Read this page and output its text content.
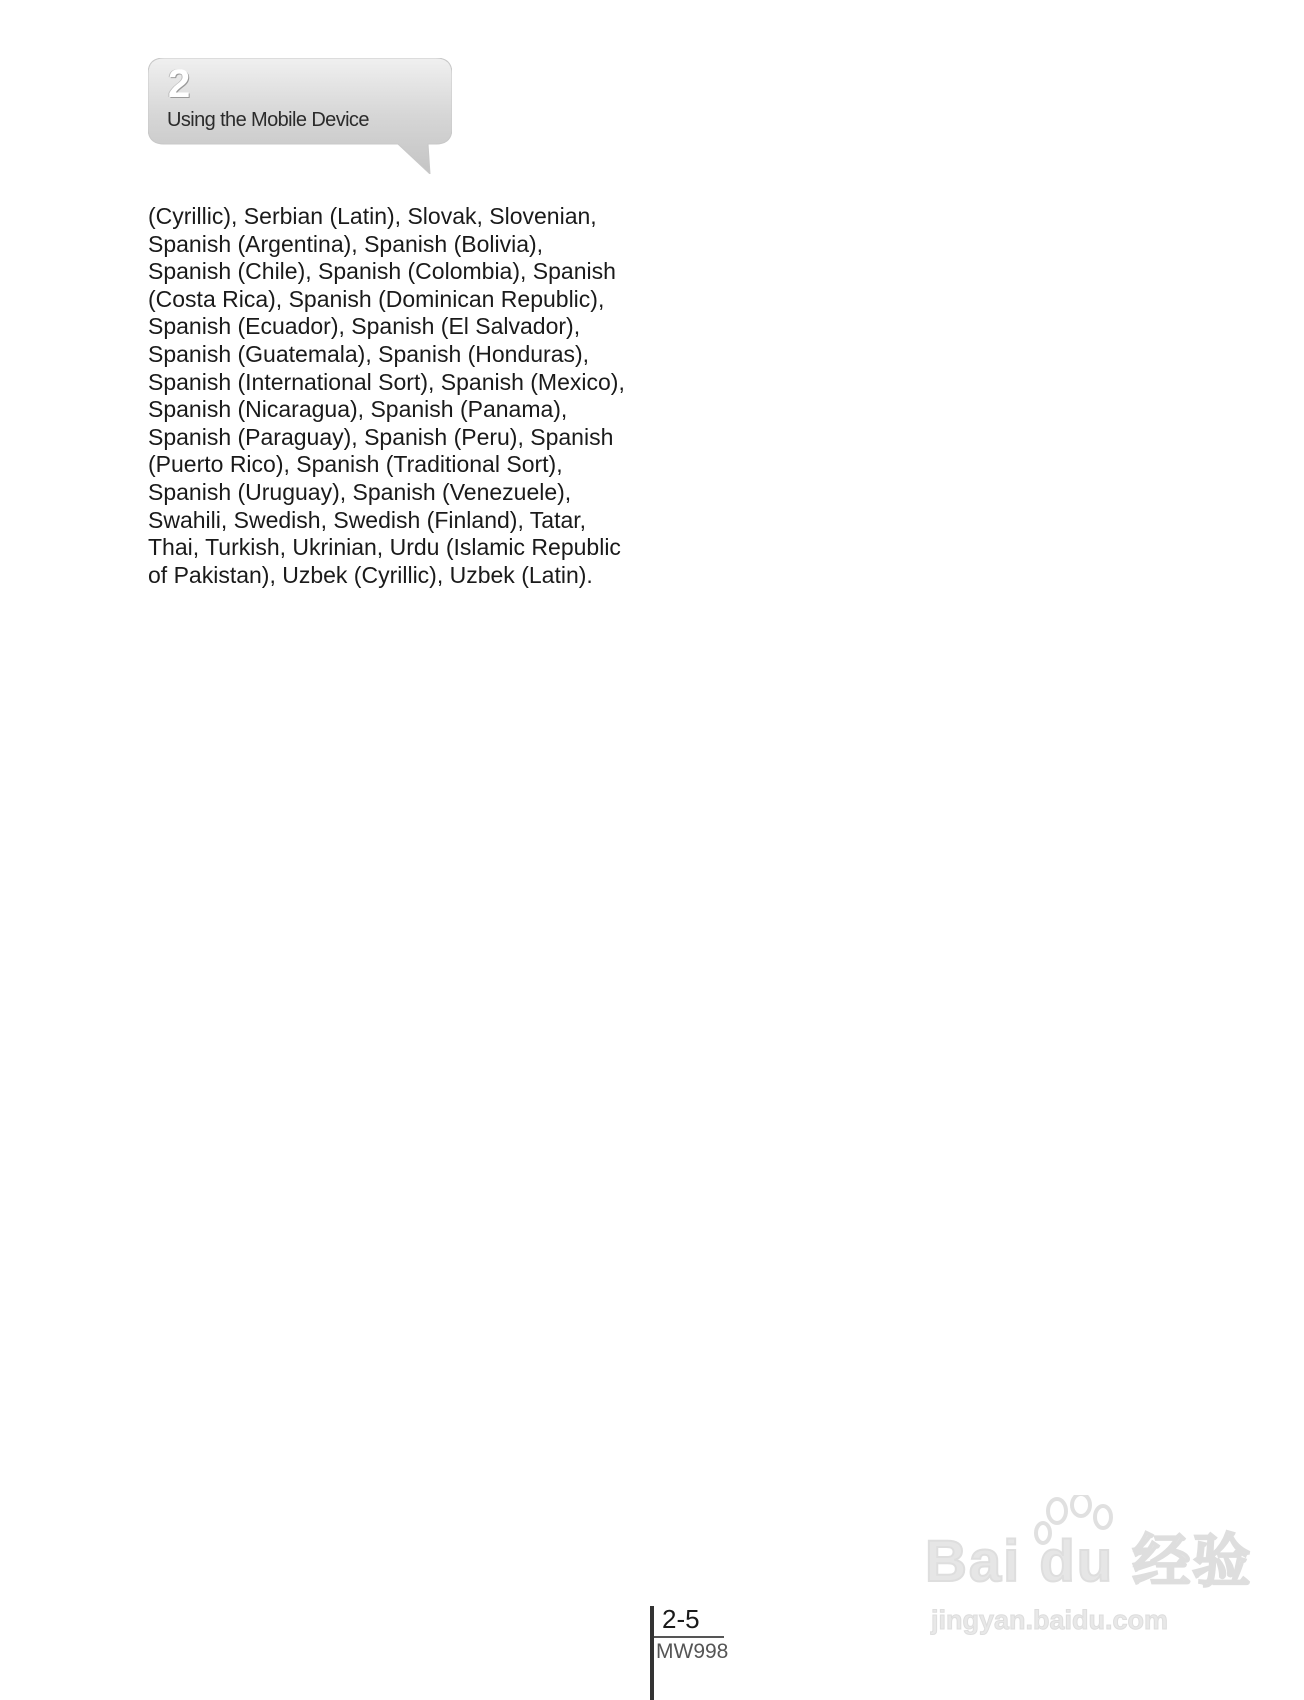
2
Using the Mobile Device
(Cyrillic), Serbian (Latin), Slovak, Slovenian,
Spanish (Argentina), Spanish (Bolivia),
Spanish (Chile), Spanish (Colombia), Spanish
(Costa Rica), Spanish (Dominican Republic),
Spanish (Ecuador), Spanish (El Salvador),
Spanish (Guatemala), Spanish (Honduras),
Spanish (International Sort), Spanish (Mexico),
Spanish (Nicaragua), Spanish (Panama),
Spanish (Paraguay), Spanish (Peru), Spanish
(Puerto Rico), Spanish (Traditional Sort),
Spanish (Uruguay), Spanish (Venezuele),
Swahili, Swedish, Swedish (Finland), Tatar,
Thai, Turkish, Ukrinian, Urdu (Islamic Republic
of Pakistan), Uzbek (Cyrillic), Uzbek (Latin).
2-5
MW998
Bai du 经验
jingyan.baidu.com
